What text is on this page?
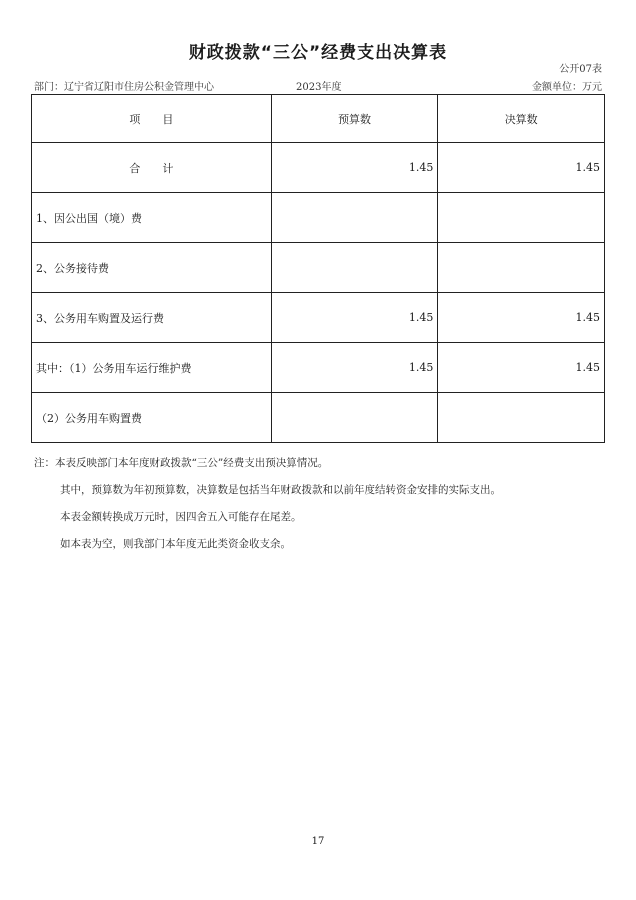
财政拨款“三公”经费支出决算表
公开07表
部门：辽宁省辽阳市住房公积金管理中心	2023年度	金额单位：万元
项　　目	预算数	决算数
合　　计	1.45	1.45
1、因公出国（境）费		
2、公务接待费		
3、公务用车购置及运行费	1.45	1.45
其中：（1）公务用车运行维护费	1.45	1.45
（2）公务用车购置费		
注：本表反映部门本年度财政拨款“三公”经费支出预决算情况。
其中，预算数为年初预算数，决算数是包括当年财政拨款和以前年度结转资金安排的实际支出。
本表金额转换成万元时，因四舍五入可能存在尾差。
如本表为空，则我部门本年度无此类资金收支余。
17
